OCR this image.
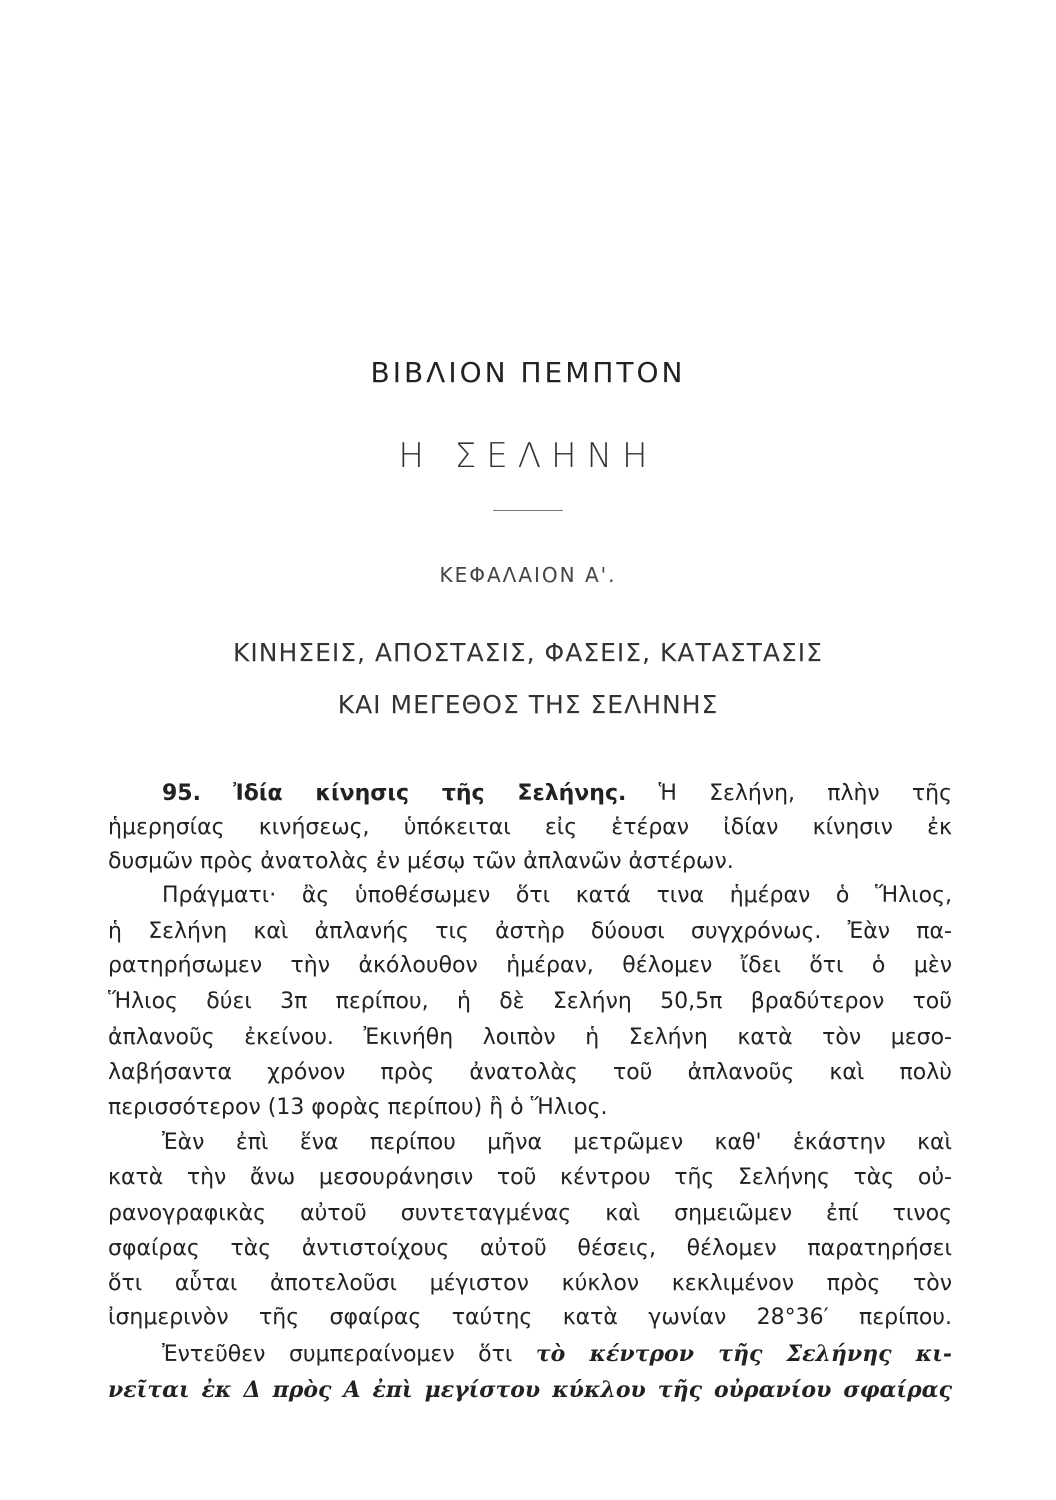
ΒΙΒΛΙΟΝ ΠΕΜΠΤΟΝ
Η ΣΕΛΗΝΗ
ΚΕΦΑΛΑΙΟΝ Α'.
ΚΙΝΗΣΕΙΣ, ΑΠΟΣΤΑΣΙΣ, ΦΑΣΕΙΣ, ΚΑΤΑΣΤΑΣΙΣ
ΚΑΙ ΜΕΓΕΘΟΣ ΤΗΣ ΣΕΛΗΝΗΣ
95. Ἰδία κίνησις τῆς Σελήνης. Ἡ Σελήνη, πλὴν τῆς
ἡμερησίας κινήσεως, ὑπόκειται εἰς ἑτέραν ἰδίαν κίνησιν ἐκ
δυσμῶν πρὸς ἀνατολὰς ἐν μέσῳ τῶν ἀπλανῶν ἀστέρων.
Πράγματι· ἂς ὑποθέσωμεν ὅτι κατά τινα ἡμέραν ὁ Ἥλιος,
ἡ Σελήνη καὶ ἀπλανής τις ἀστὴρ δύουσι συγχρόνως. Ἐὰν πα-
ρατηρήσωμεν τὴν ἀκόλουθον ἡμέραν, θέλομεν ἴδει ὅτι ὁ μὲν
Ἥλιος δύει 3π περίπου, ἡ δὲ Σελήνη 50,5π βραδύτερον τοῦ
ἀπλανοῦς ἐκείνου. Ἐκινήθη λοιπὸν ἡ Σελήνη κατὰ τὸν μεσο-
λαβήσαντα χρόνον πρὸς ἀνατολὰς τοῦ ἀπλανοῦς καὶ πολὺ
περισσότερον (13 φορὰς περίπου) ἢ ὁ Ἥλιος.
Ἐὰν ἐπὶ ἕνα περίπου μῆνα μετρῶμεν καθ' ἑκάστην καὶ
κατὰ τὴν ἄνω μεσουράνησιν τοῦ κέντρου τῆς Σελήνης τὰς οὐ-
ρανογραφικὰς αὐτοῦ συντεταγμένας καὶ σημειῶμεν ἐπί τινος
σφαίρας τὰς ἀντιστοίχους αὐτοῦ θέσεις, θέλομεν παρατηρήσει
ὅτι αὗται ἀποτελοῦσι μέγιστον κύκλον κεκλιμένον πρὸς τὸν
ἰσημερινὸν τῆς σφαίρας ταύτης κατὰ γωνίαν 28°36′ περίπου.
Ἐντεῦθεν συμπεραίνομεν ὅτι τὸ κέντρον τῆς Σελήνης κι-
νεῖται ἐκ Δ πρὸς Α ἐπὶ μεγίστου κύκλου τῆς οὐρανίου σφαίρας
